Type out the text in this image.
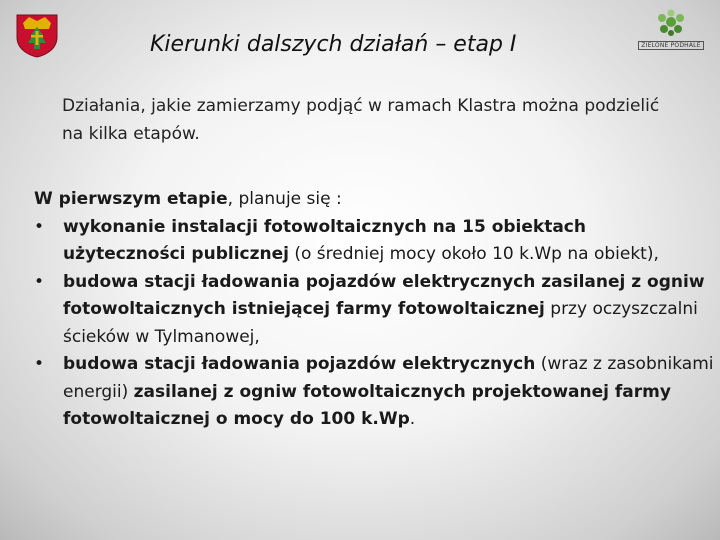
ZIELONE PODHALE
Kierunki dalszych działań – etap I
Działania, jakie zamierzamy podjąć w ramach Klastra można podzielić na kilka etapów.

W pierwszym etapie, planuje się :

•	wykonanie instalacji fotowoltaicznych na 15 obiektach użyteczności publicznej (o średniej mocy około 10 k.Wp na obiekt),
•	budowa stacji ładowania pojazdów elektrycznych zasilanej z ogniw fotowoltaicznych istniejącej farmy fotowoltaicznej przy oczyszczalni ścieków w Tylmanowej,
•	budowa stacji ładowania pojazdów elektrycznych (wraz z zasobnikami energii) zasilanej z ogniw fotowoltaicznych projektowanej farmy fotowoltaicznej o mocy do 100 k.Wp.
